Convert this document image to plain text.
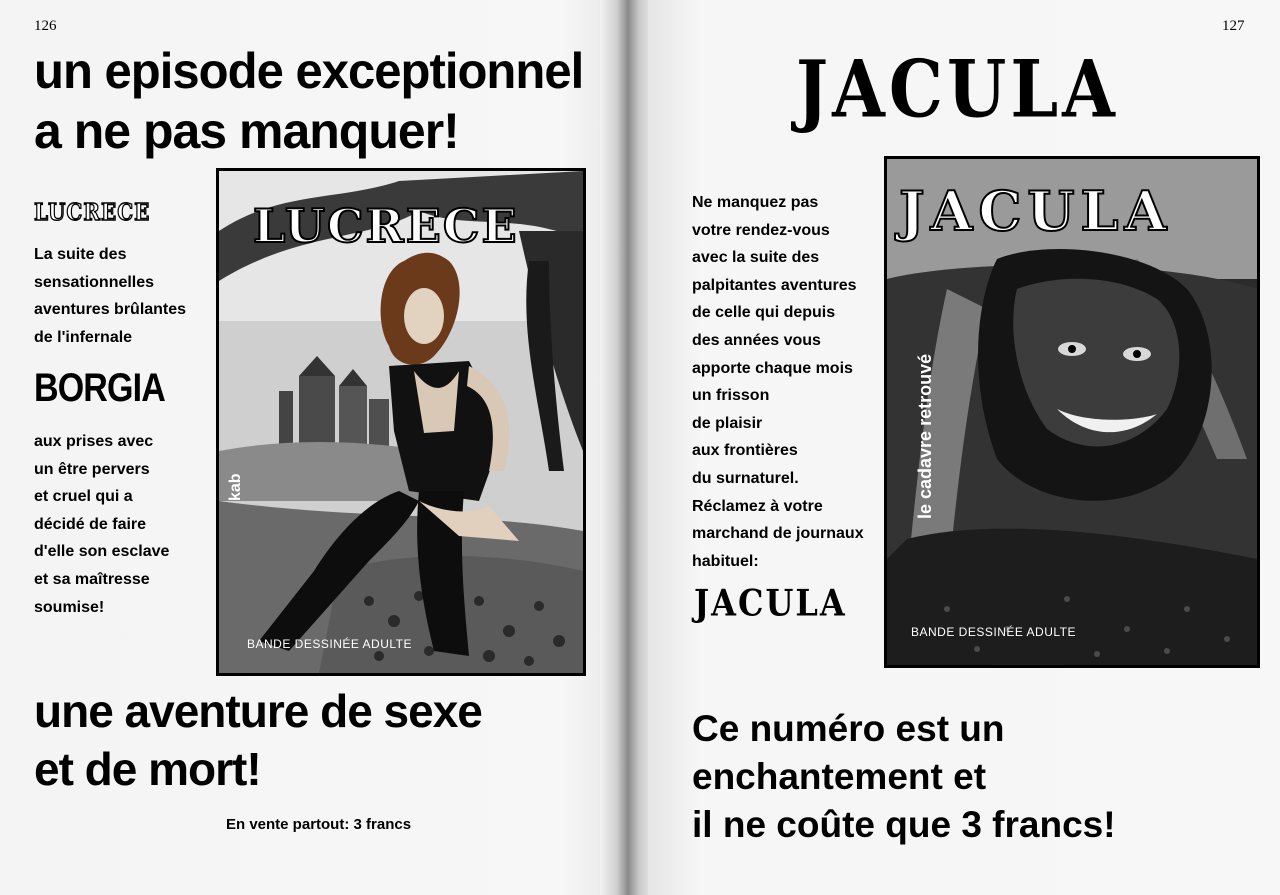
126
un episode exceptionnel
a ne pas manquer!
LUCRECE
La suite des
sensationnelles
aventures brûlantes
de l'infernale
BORGIA
aux prises avec
un être pervers
et cruel qui a
décidé de faire
d'elle son esclave
et sa maîtresse
soumise!
LUCRECE
kab
BANDE DESSINÉE ADULTE
une aventure de sexe
et de mort!
En vente partout: 3 francs
127
JACULA
Ne manquez pas
votre rendez-vous
avec la suite des
palpitantes aventures
de celle qui depuis
des années vous
apporte chaque mois
un frisson
de plaisir
aux frontières
du surnaturel.
Réclamez à votre
marchand de journaux
habituel:
JACULA
JACULA
le cadavre retrouvé
BANDE DESSINÉE ADULTE
Ce numéro est un
enchantement et
il ne coûte que 3 francs!
